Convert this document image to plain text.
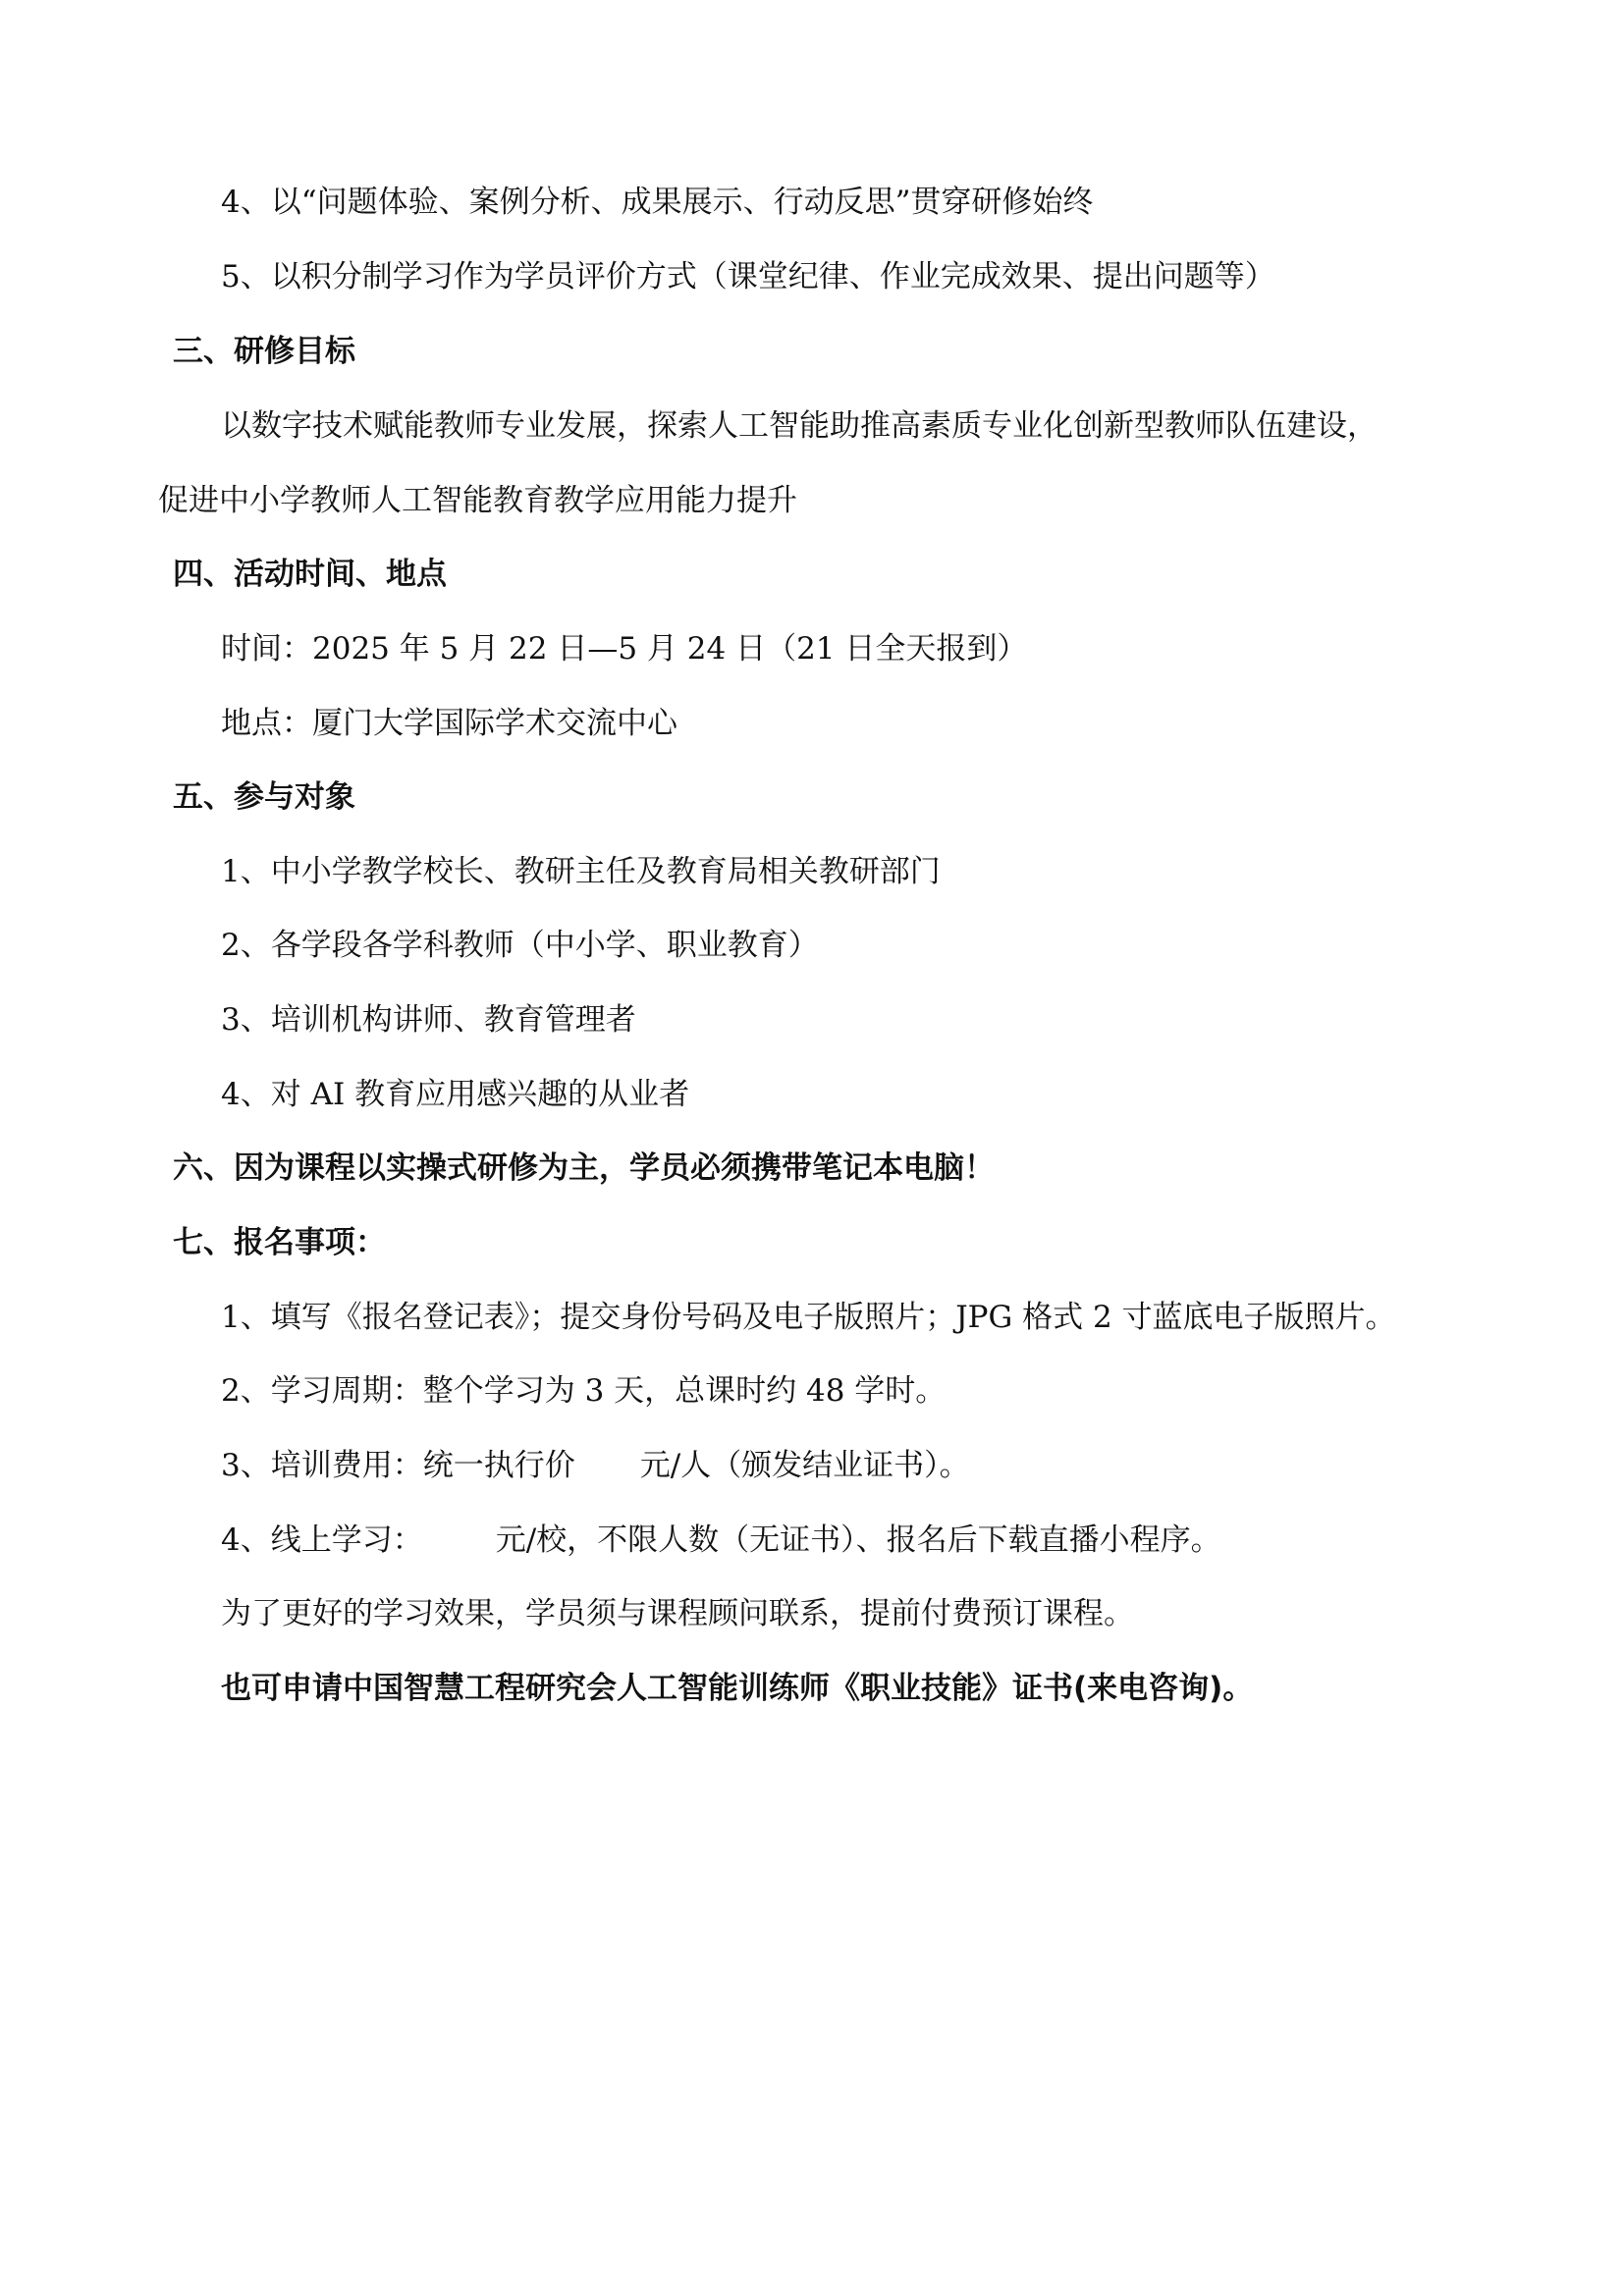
4、以“问题体验、案例分析、成果展示、行动反思”贯穿研修始终
5、以积分制学习作为学员评价方式（课堂纪律、作业完成效果、提出问题等）
三、研修目标
以数字技术赋能教师专业发展，探索人工智能助推高素质专业化创新型教师队伍建设，
促进中小学教师人工智能教育教学应用能力提升
四、活动时间、地点
时间：2025 年 5 月 22 日—5 月 24 日（21 日全天报到）
地点：厦门大学国际学术交流中心
五、参与对象
1、中小学教学校长、教研主任及教育局相关教研部门
2、各学段各学科教师（中小学、职业教育）
3、培训机构讲师、教育管理者
4、对 AI 教育应用感兴趣的从业者
六、因为课程以实操式研修为主，学员必须携带笔记本电脑！
七、报名事项：
1、填写《报名登记表》；提交身份号码及电子版照片；JPG 格式 2 寸蓝底电子版照片。
2、学习周期：整个学习为 3 天，总课时约 48 学时。
3、培训费用：统一执行价 元/人（颁发结业证书）。
4、线上学习： 元/校，不限人数（无证书）、报名后下载直播小程序。
为了更好的学习效果，学员须与课程顾问联系，提前付费预订课程。
也可申请中国智慧工程研究会人工智能训练师《职业技能》证书(来电咨询)。
